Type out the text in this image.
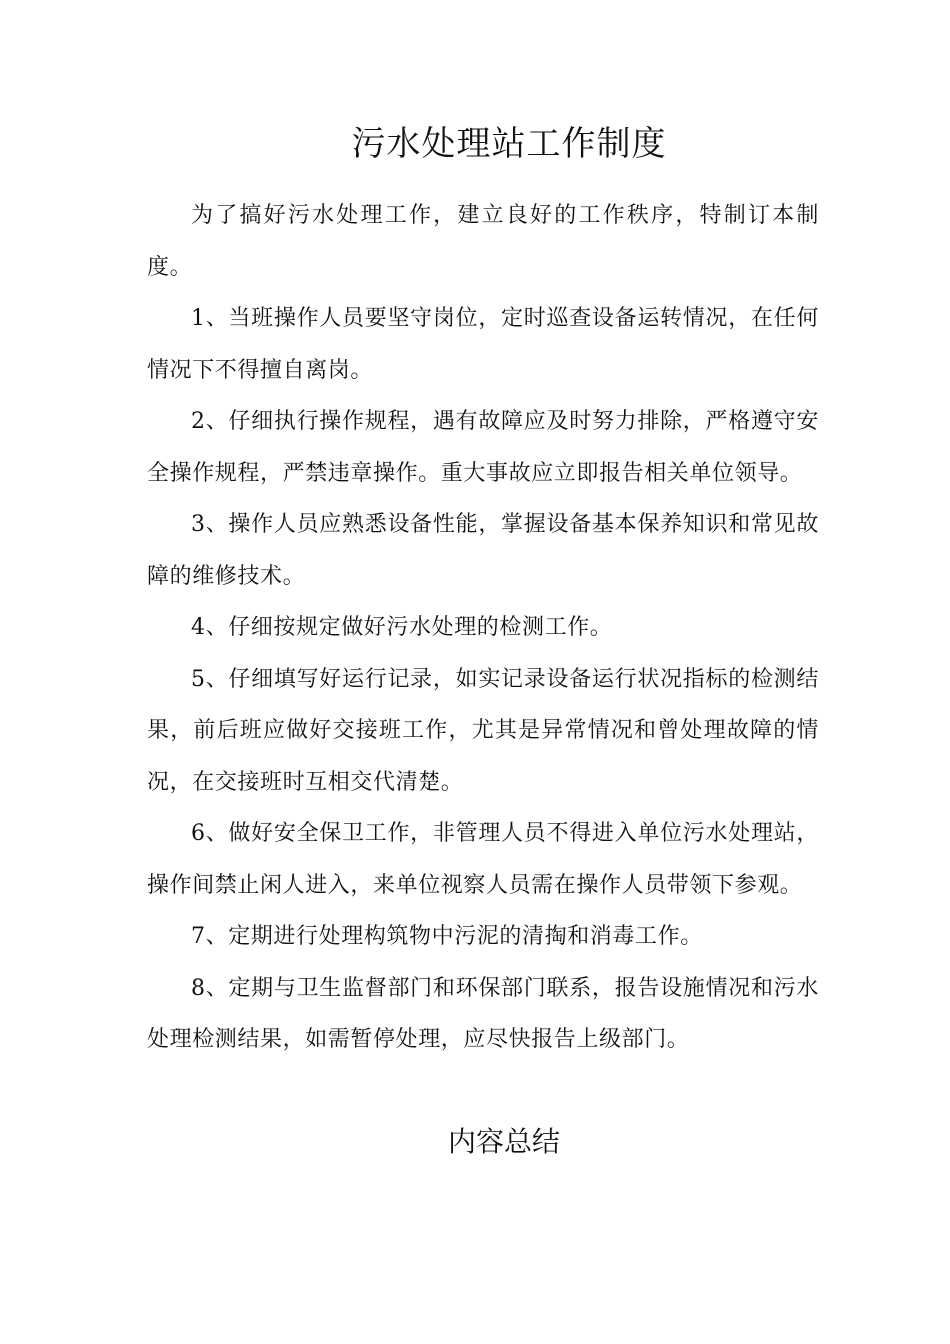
污水处理站工作制度

为了搞好污水处理工作，建立良好的工作秩序，特制订本制度。

1、当班操作人员要坚守岗位，定时巡查设备运转情况，在任何情况下不得擅自离岗。

2、仔细执行操作规程，遇有故障应及时努力排除，严格遵守安全操作规程，严禁违章操作。重大事故应立即报告相关单位领导。

3、操作人员应熟悉设备性能，掌握设备基本保养知识和常见故障的维修技术。

4、仔细按规定做好污水处理的检测工作。

5、仔细填写好运行记录，如实记录设备运行状况指标的检测结果，前后班应做好交接班工作，尤其是异常情况和曾处理故障的情况，在交接班时互相交代清楚。

6、做好安全保卫工作，非管理人员不得进入单位污水处理站，操作间禁止闲人进入，来单位视察人员需在操作人员带领下参观。

7、定期进行处理构筑物中污泥的清掏和消毒工作。

8、定期与卫生监督部门和环保部门联系，报告设施情况和污水处理检测结果，如需暂停处理，应尽快报告上级部门。

内容总结
